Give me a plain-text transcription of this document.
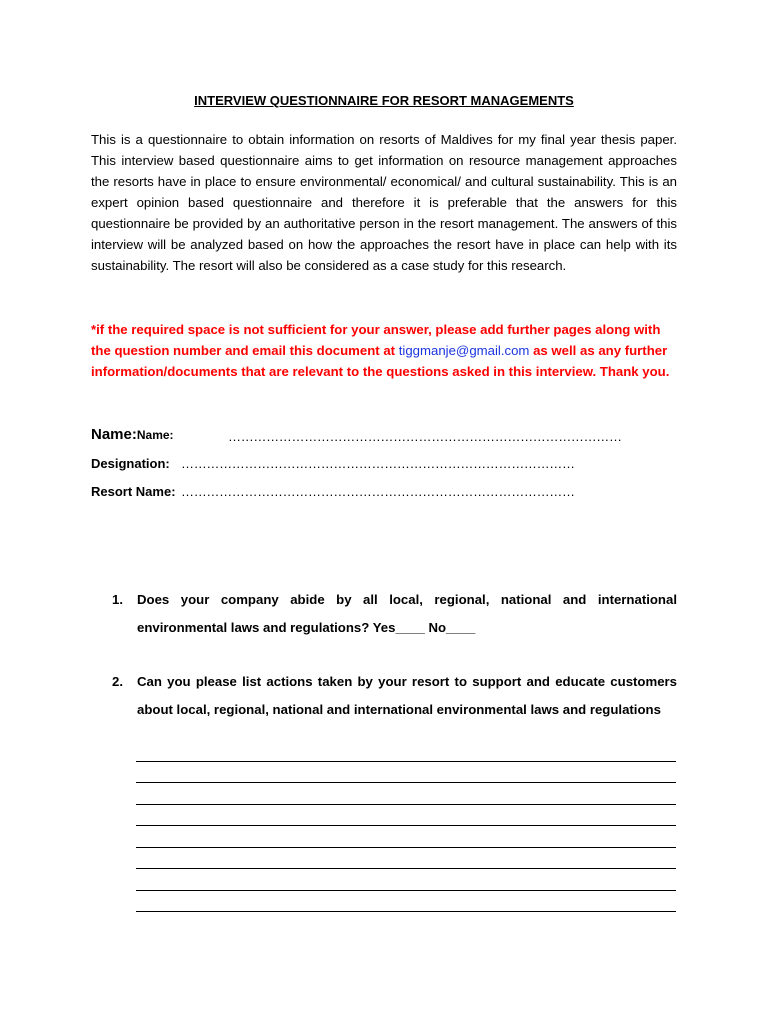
INTERVIEW QUESTIONNAIRE FOR RESORT MANAGEMENTS

This is a questionnaire to obtain information on resorts of Maldives for my final year thesis paper. This interview based questionnaire aims to get information on resource management approaches the resorts have in place to ensure environmental/ economical/ and cultural sustainability. This is an expert opinion based questionnaire and therefore it is preferable that the answers for this questionnaire be provided by an authoritative person in the resort management. The answers of this interview will be analyzed based on how the approaches the resort have in place can help with its sustainability. The resort will also be considered as a case study for this research.

*if the required space is not sufficient for your answer, please add further pages along with the question number and email this document at tiggmanje@gmail.com as well as any further information/documents that are relevant to the questions asked in this interview. Thank you.

Name:Name:	…………………………………………………………………………………
Designation: …………………………………………………………………………………
Resort Name: …………………………………………………………………………………
1. Does your company abide by all local, regional, national and international environmental laws and regulations? Yes____ No____
2. Can you please list actions taken by your resort to support and educate customers about local, regional, national and international environmental laws and regulations
